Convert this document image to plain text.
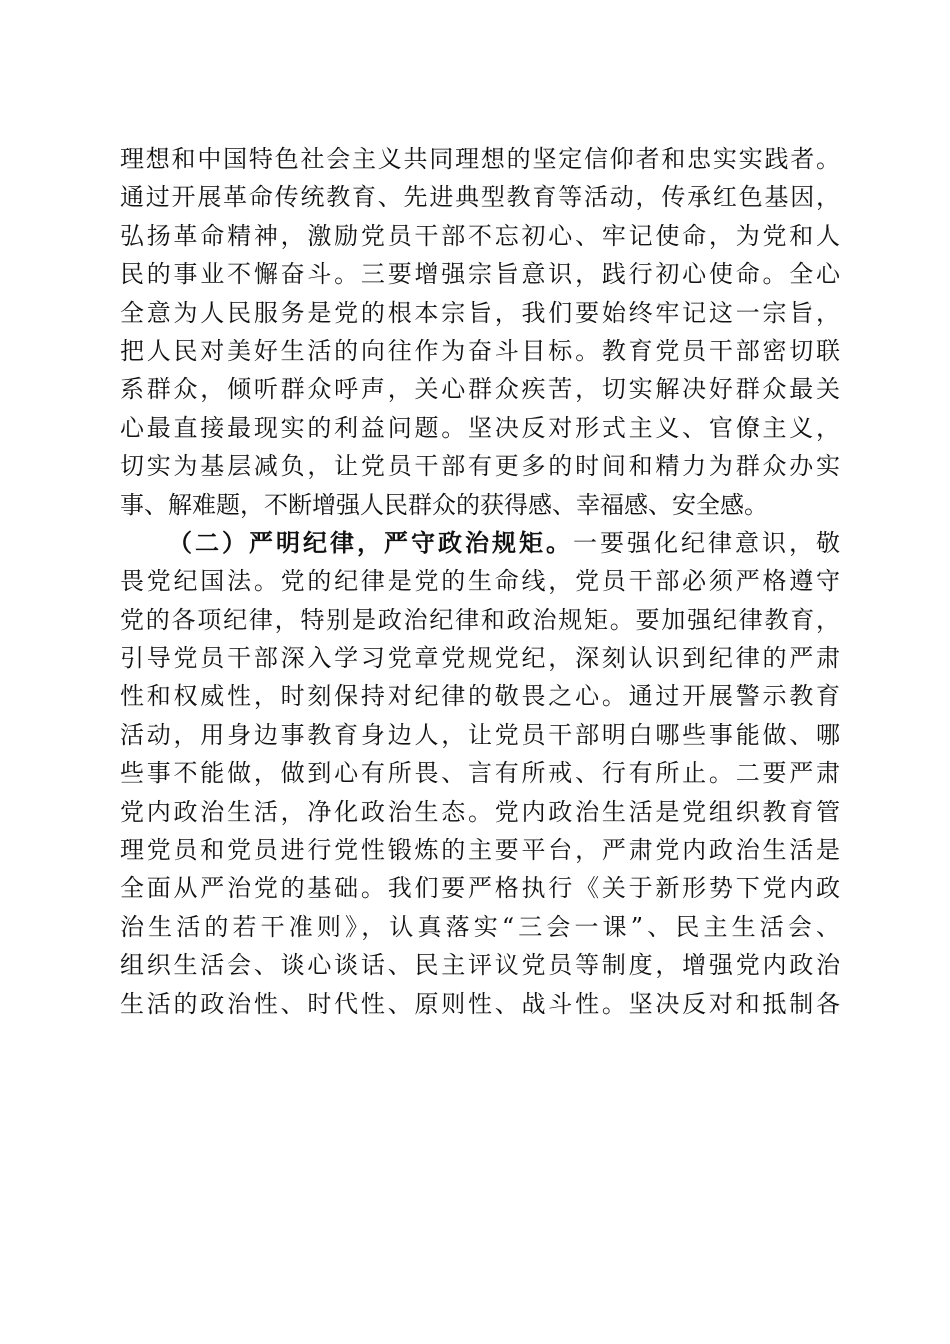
理想和中国特色社会主义共同理想的坚定信仰者和忠实实践者。
通过开展革命传统教育、先进典型教育等活动，传承红色基因，
弘扬革命精神，激励党员干部不忘初心、牢记使命，为党和人
民的事业不懈奋斗。三要增强宗旨意识，践行初心使命。全心
全意为人民服务是党的根本宗旨，我们要始终牢记这一宗旨，
把人民对美好生活的向往作为奋斗目标。教育党员干部密切联
系群众，倾听群众呼声，关心群众疾苦，切实解决好群众最关
心最直接最现实的利益问题。坚决反对形式主义、官僚主义，
切实为基层减负，让党员干部有更多的时间和精力为群众办实
事、解难题，不断增强人民群众的获得感、幸福感、安全感。
（二）严明纪律，严守政治规矩。一要强化纪律意识，敬
畏党纪国法。党的纪律是党的生命线，党员干部必须严格遵守
党的各项纪律，特别是政治纪律和政治规矩。要加强纪律教育，
引导党员干部深入学习党章党规党纪，深刻认识到纪律的严肃
性和权威性，时刻保持对纪律的敬畏之心。通过开展警示教育
活动，用身边事教育身边人，让党员干部明白哪些事能做、哪
些事不能做，做到心有所畏、言有所戒、行有所止。二要严肃
党内政治生活，净化政治生态。党内政治生活是党组织教育管
理党员和党员进行党性锻炼的主要平台，严肃党内政治生活是
全面从严治党的基础。我们要严格执行《关于新形势下党内政
治生活的若干准则》，认真落实“三会一课”、民主生活会、
组织生活会、谈心谈话、民主评议党员等制度，增强党内政治
生活的政治性、时代性、原则性、战斗性。坚决反对和抵制各
